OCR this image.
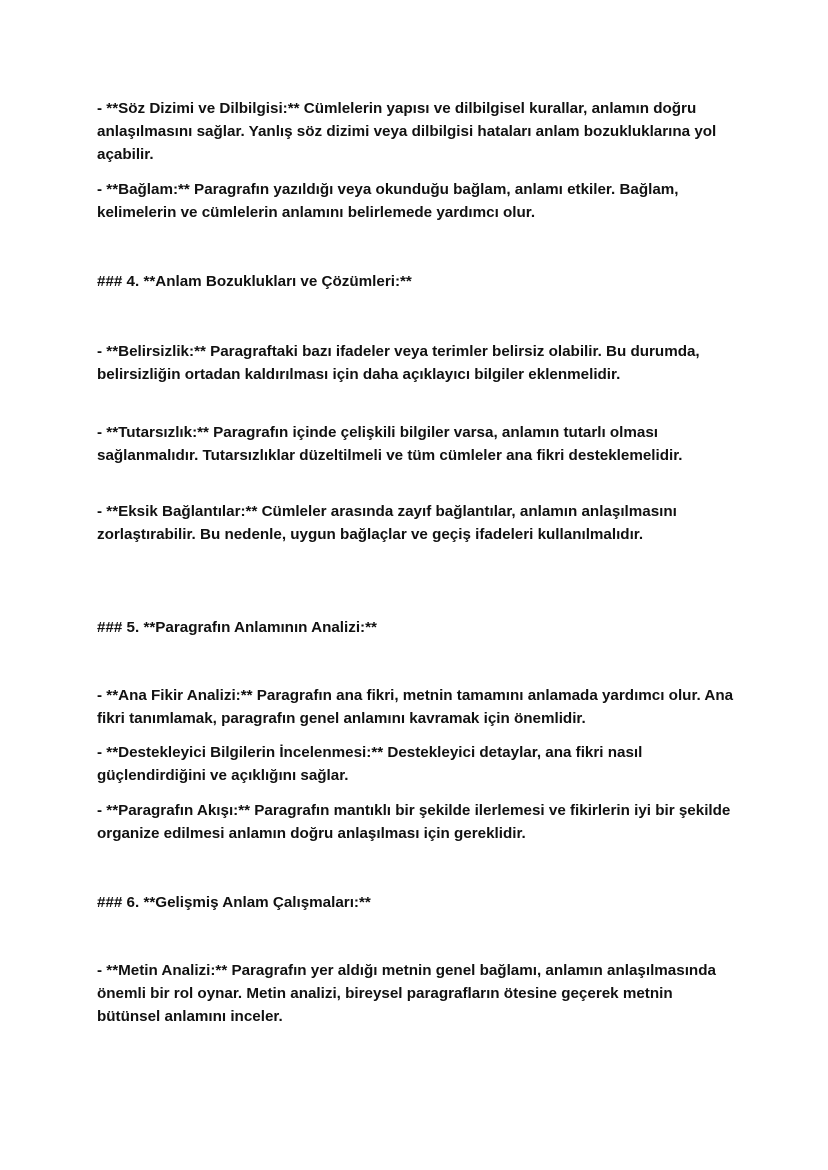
- **Söz Dizimi ve Dilbilgisi:** Cümlelerin yapısı ve dilbilgisel kurallar, anlamın doğru anlaşılmasını sağlar. Yanlış söz dizimi veya dilbilgisi hataları anlam bozukluklarına yol açabilir.

- **Bağlam:** Paragrafın yazıldığı veya okunduğu bağlam, anlamı etkiler. Bağlam, kelimelerin ve cümlelerin anlamını belirlemede yardımcı olur.

### 4. **Anlam Bozuklukları ve Çözümleri:**

- **Belirsizlik:** Paragraftaki bazı ifadeler veya terimler belirsiz olabilir. Bu durumda, belirsizliğin ortadan kaldırılması için daha açıklayıcı bilgiler eklenmelidir.

- **Tutarsızlık:** Paragrafın içinde çelişkili bilgiler varsa, anlamın tutarlı olması sağlanmalıdır. Tutarsızlıklar düzeltilmeli ve tüm cümleler ana fikri desteklemelidir.

- **Eksik Bağlantılar:** Cümleler arasında zayıf bağlantılar, anlamın anlaşılmasını zorlaştırabilir. Bu nedenle, uygun bağlaçlar ve geçiş ifadeleri kullanılmalıdır.

### 5. **Paragrafın Anlamının Analizi:**

- **Ana Fikir Analizi:** Paragrafın ana fikri, metnin tamamını anlamada yardımcı olur. Ana fikri tanımlamak, paragrafın genel anlamını kavramak için önemlidir.

- **Destekleyici Bilgilerin İncelenmesi:** Destekleyici detaylar, ana fikri nasıl güçlendirdiğini ve açıklığını sağlar.

- **Paragrafın Akışı:** Paragrafın mantıklı bir şekilde ilerlemesi ve fikirlerin iyi bir şekilde organize edilmesi anlamın doğru anlaşılması için gereklidir.

### 6. **Gelişmiş Anlam Çalışmaları:**

- **Metin Analizi:** Paragrafın yer aldığı metnin genel bağlamı, anlamın anlaşılmasında önemli bir rol oynar. Metin analizi, bireysel paragrafların ötesine geçerek metnin bütünsel anlamını inceler.
